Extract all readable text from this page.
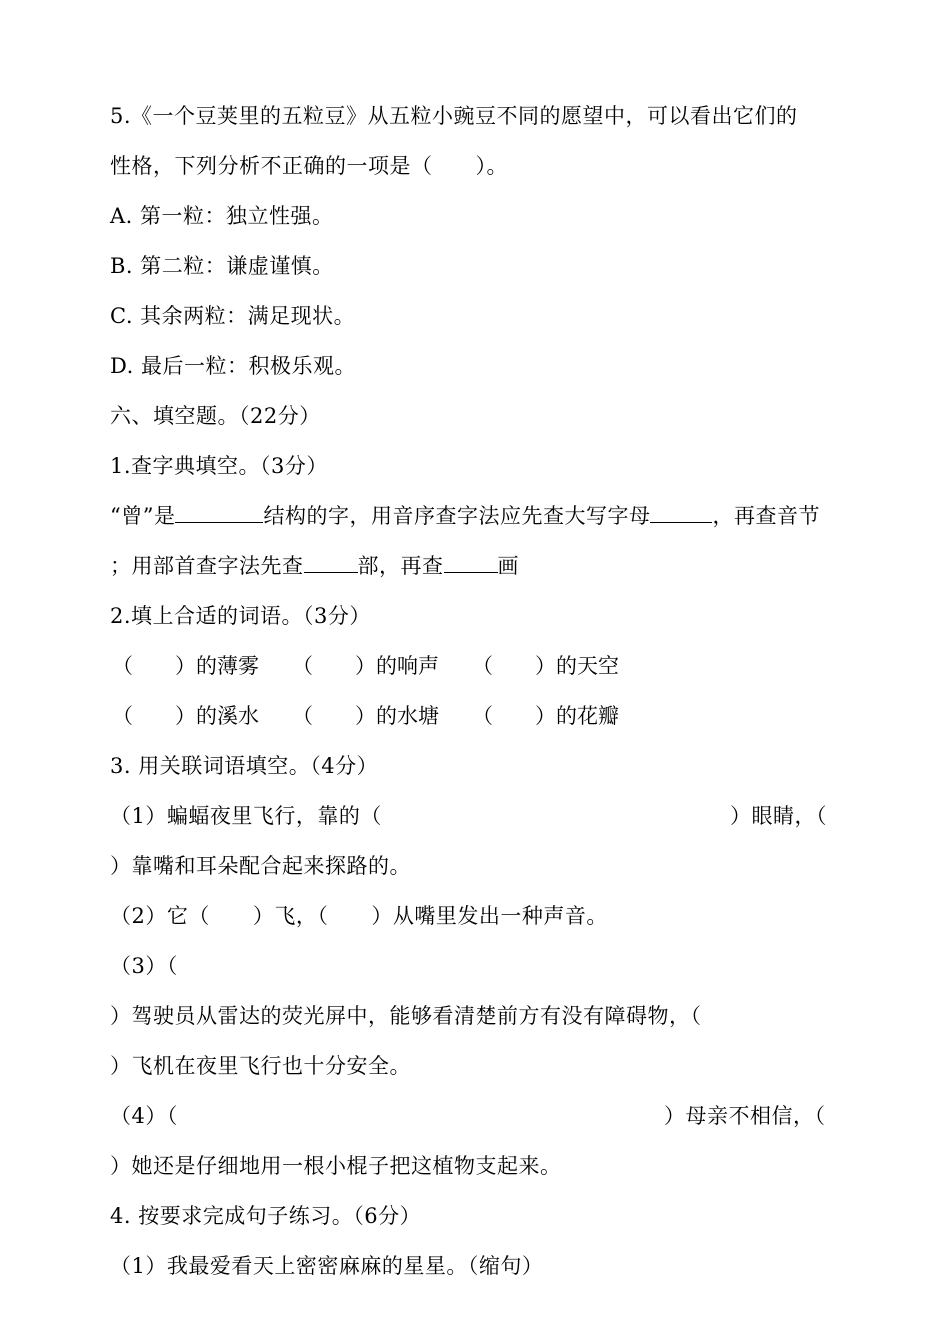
5.《一个豆荚里的五粒豆》从五粒小豌豆不同的愿望中，可以看出它们的
性格，下列分析不正确的一项是（　　）。
A. 第一粒：独立性强。
B. 第二粒：谦虚谨慎。
C. 其余两粒：满足现状。
D. 最后一粒：积极乐观。
六、填空题。（22分）
1.查字典填空。（3分）
“曾”是	结构的字，用音序查字法应先查大写字母	，再查音节
；用部首查字法先查	部，再查	画
2.填上合适的词语。（3分）
（　　）的薄雾 （　　）的响声 （　　）的天空
（　　）的溪水 （　　）的水塘 （　　）的花瓣
3. 用关联词语填空。（4分）
（1）蝙蝠夜里飞行，靠的（	）眼睛，（
）靠嘴和耳朵配合起来探路的。
（2）它（　　）飞，（　　）从嘴里发出一种声音。
（3）（
）驾驶员从雷达的荧光屏中，能够看清楚前方有没有障碍物，（
）飞机在夜里飞行也十分安全。
（4）（	）母亲不相信，（
）她还是仔细地用一根小棍子把这植物支起来。
4. 按要求完成句子练习。（6分）
（1）我最爱看天上密密麻麻的星星。（缩句）
